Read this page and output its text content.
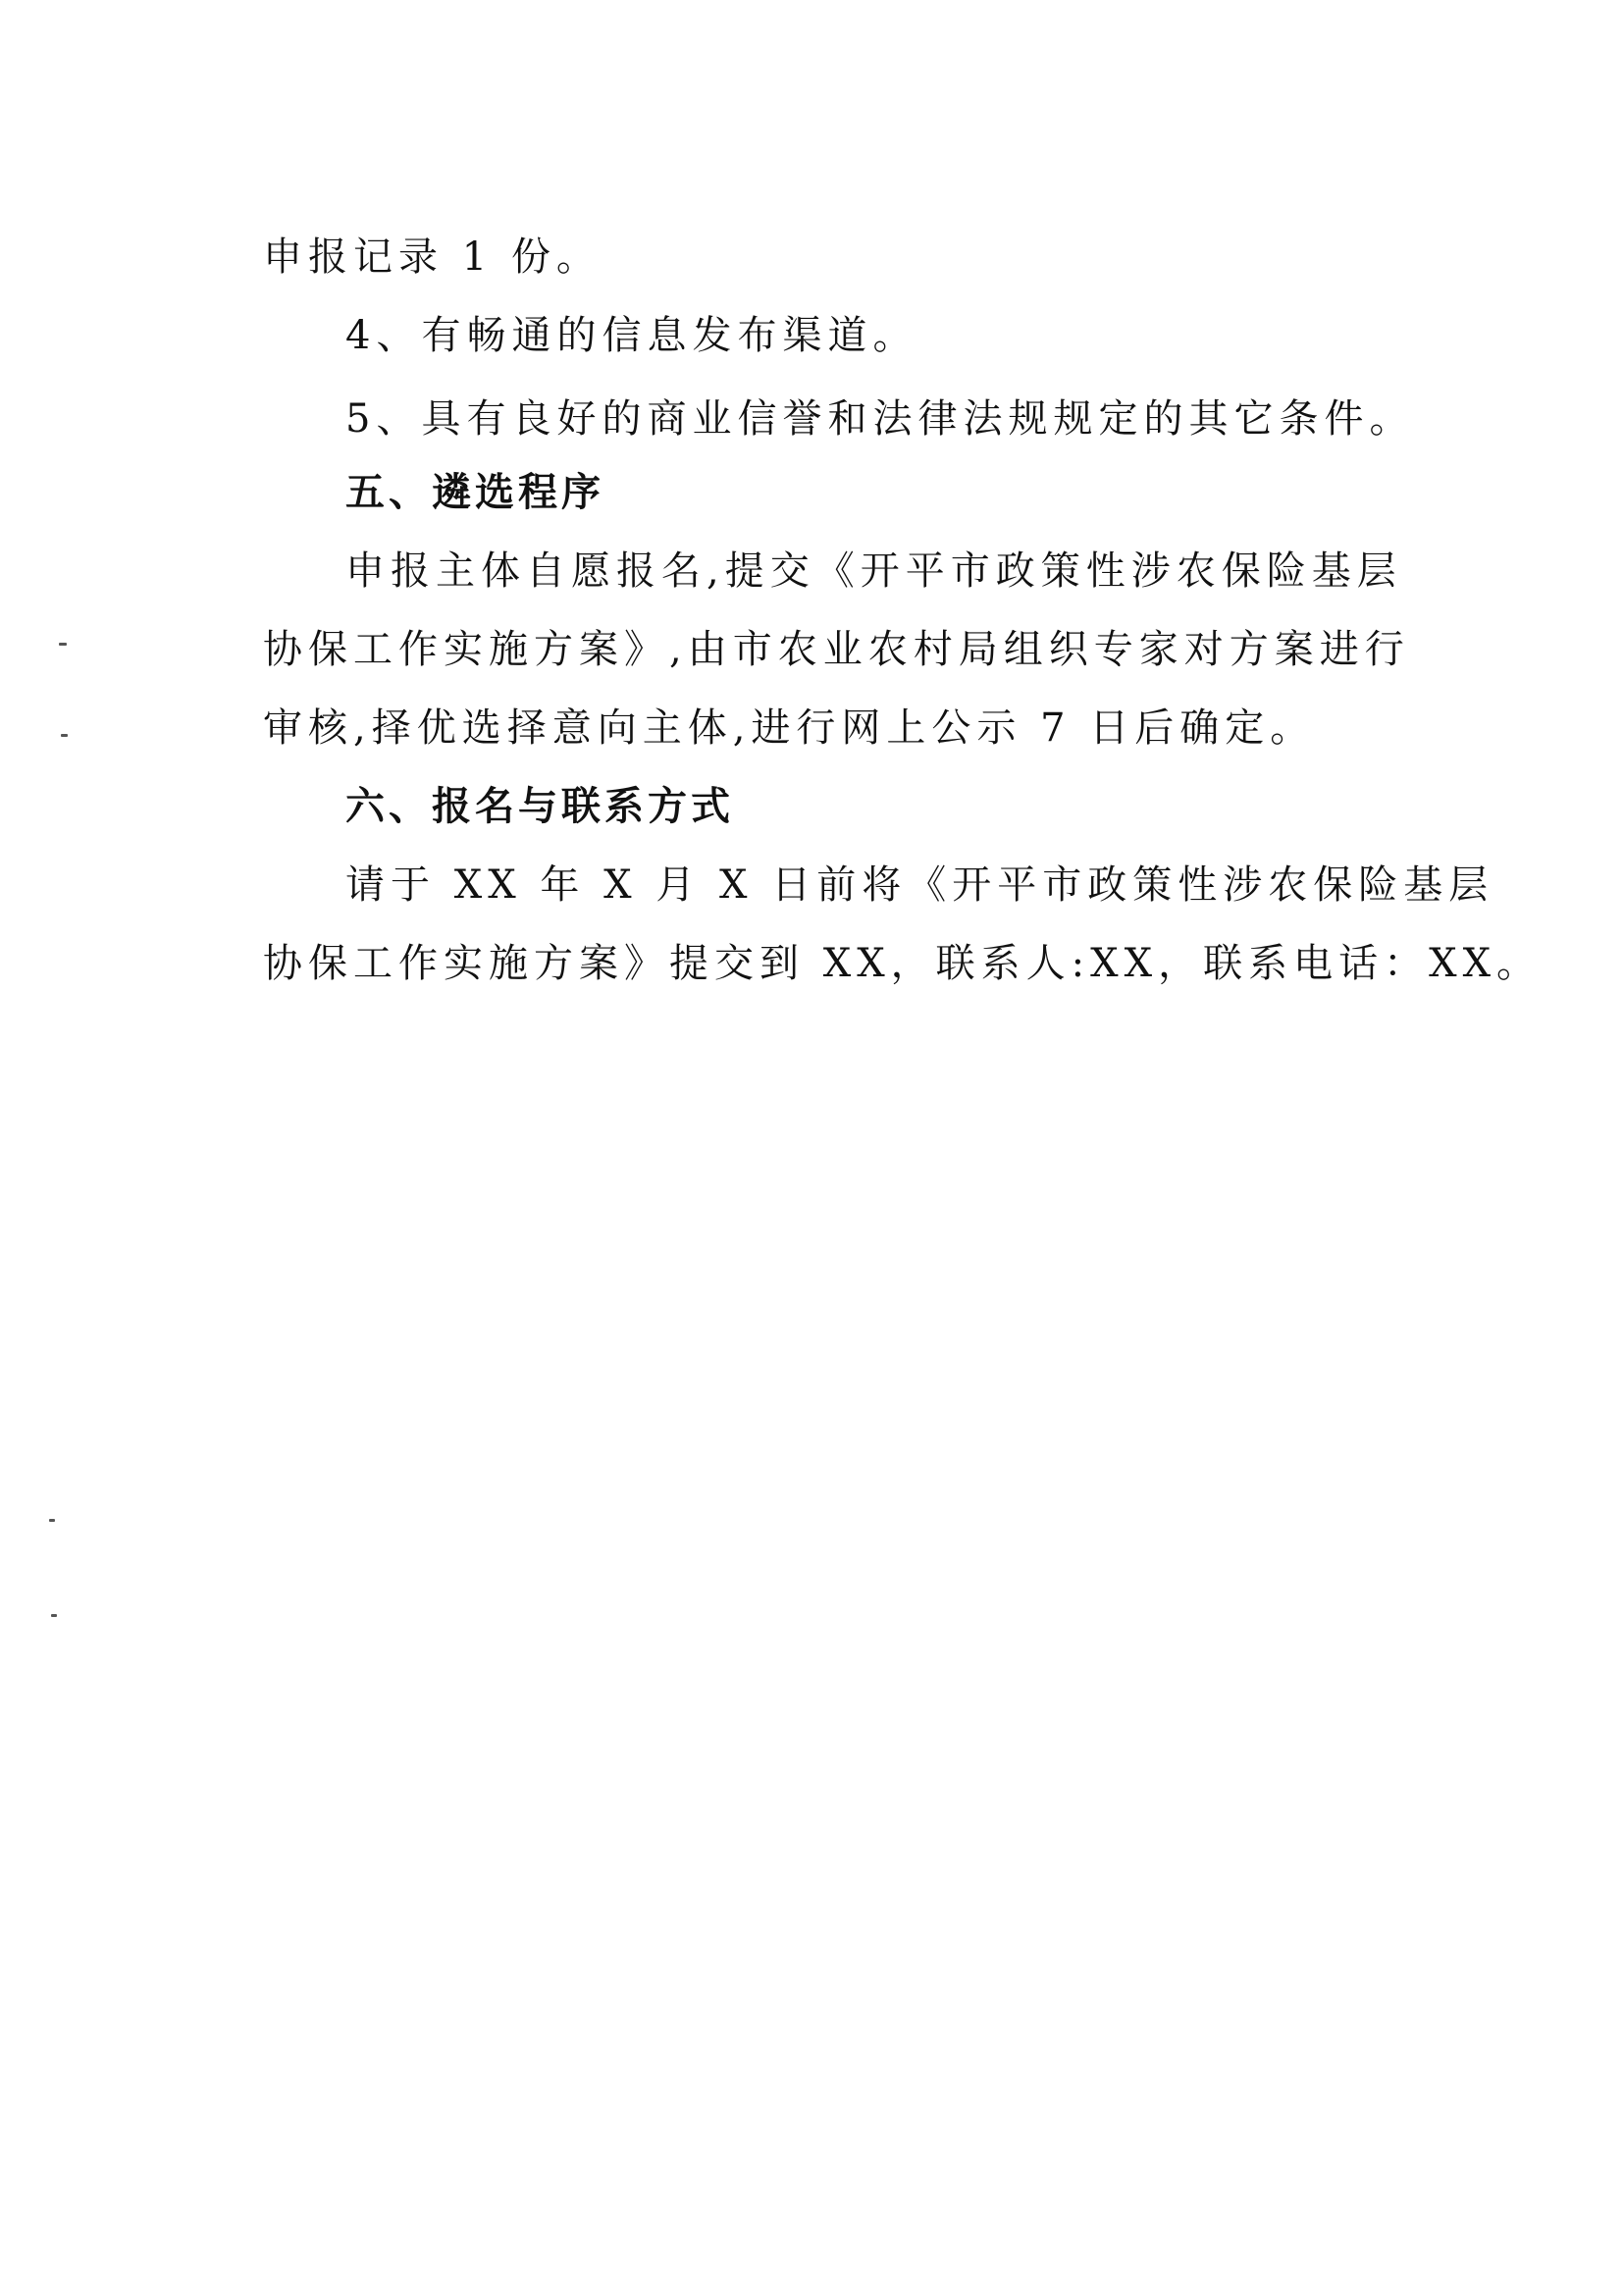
申报记录 1 份。
4、有畅通的信息发布渠道。
5、具有良好的商业信誉和法律法规规定的其它条件。
五、遴选程序
申报主体自愿报名,提交《开平市政策性涉农保险基层
协保工作实施方案》,由市农业农村局组织专家对方案进行
审核,择优选择意向主体,进行网上公示 7 日后确定。
六、报名与联系方式
请于 XX 年 X 月 X 日前将《开平市政策性涉农保险基层
协保工作实施方案》提交到 XX，联系人:XX，联系电话：XX。
